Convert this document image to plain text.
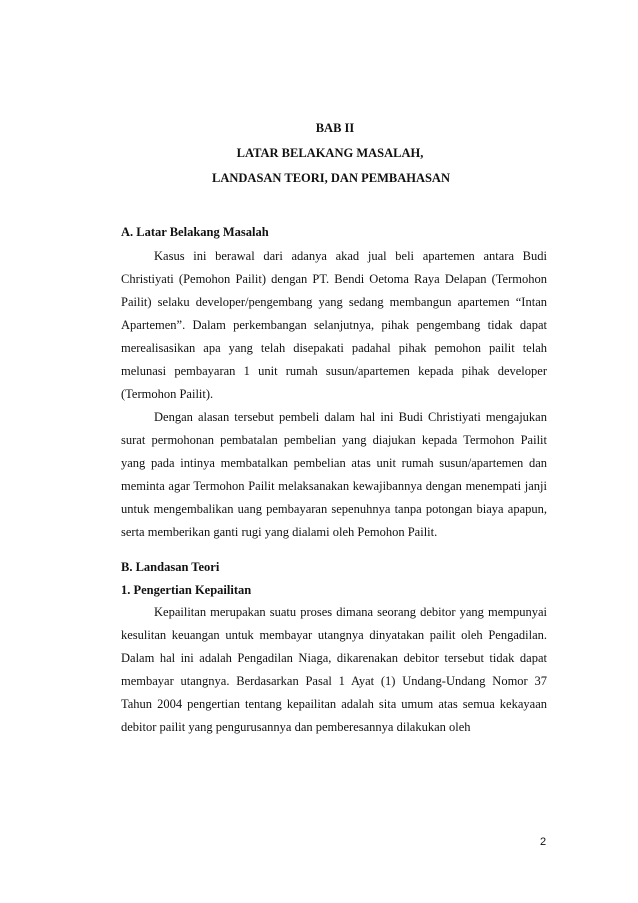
BAB II
LATAR BELAKANG MASALAH,
LANDASAN TEORI, DAN PEMBAHASAN
A. Latar Belakang Masalah

Kasus ini berawal dari adanya akad jual beli apartemen antara Budi Christiyati (Pemohon Pailit) dengan PT. Bendi Oetoma Raya Delapan (Termohon Pailit) selaku developer/pengembang yang sedang membangun apartemen “Intan Apartemen”. Dalam perkembangan selanjutnya, pihak pengembang tidak dapat merealisasikan apa yang telah disepakati padahal pihak pemohon pailit telah melunasi pembayaran 1 unit rumah susun/apartemen kepada pihak developer (Termohon Pailit).

Dengan alasan tersebut pembeli dalam hal ini Budi Christiyati mengajukan surat permohonan pembatalan pembelian yang diajukan kepada Termohon Pailit yang pada intinya membatalkan pembelian atas unit rumah susun/apartemen dan meminta agar Termohon Pailit melaksanakan kewajibannya dengan menempati janji untuk mengembalikan uang pembayaran sepenuhnya tanpa potongan biaya apapun, serta memberikan ganti rugi yang dialami oleh Pemohon Pailit.

B. Landasan Teori
1. Pengertian Kepailitan

Kepailitan merupakan suatu proses dimana seorang debitor yang mempunyai kesulitan keuangan untuk membayar utangnya dinyatakan pailit oleh Pengadilan. Dalam hal ini adalah Pengadilan Niaga, dikarenakan debitor tersebut tidak dapat membayar utangnya. Berdasarkan Pasal 1 Ayat (1) Undang-Undang Nomor 37 Tahun 2004 pengertian tentang kepailitan adalah sita umum atas semua kekayaan debitor pailit yang pengurusannya dan pemberesannya dilakukan oleh

2
